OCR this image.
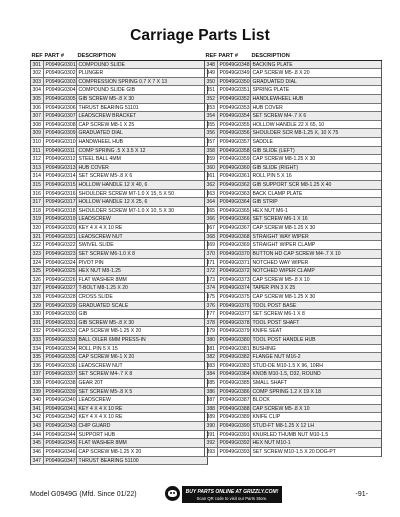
Carriage Parts List
REF PART #	DESCRIPTION
301 P0949G0301 COMPOUND SLIDE
302 P0949G0302 PLUNGER
303 P0949G0303 COMPRESSION SPRING 0.7 X 7 X 13
304 P0949G0304 COMPOUND SLIDE GIB
305 P0949G0305 GIB SCREW M5-.8 X 30
306 P0949G0306 THRUST BEARING 51101
307 P0949G0307 LEADSCREW BRACKET
308 P0949G0308 CAP SCREW M8-1 X 25
309 P0949G0309 GRADUATED DIAL
310 P0949G0310 HANDWHEEL HUB
311 P0949G0311 COMP SPRING .5 X 3.5 X 12
312 P0949G0312 STEEL BALL 4MM
313 P0949G0313 HUB COVER
314 P0949G0314 SET SCREW M5-.8 X 6
315 P0949G0315 HOLLOW HANDLE 12 X 40, 6
316 P0949G0316 SHOULDER SCREW M7-1.0 X 15, 5 X 50
317 P0949G0317 HOLLOW HANDLE 12 X 25, 6
318 P0949G0318 SHOULDER SCREW M7-1.0 X 10, 5 X 30
319 P0949G0319 LEADSCREW
320 P0949G0320 KEY 4 X 4 X 10 RE
321 P0949G0321 LEADSCREW NUT
322 P0949G0322 SWIVEL SLIDE
323 P0949G0323 SET SCREW M6-1.0 X 8
324 P0949G0324 PIVOT PIN
325 P0949G0325 HEX NUT M8-1.25
326 P0949G0326 FLAT WASHER 8MM
327 P0949G0327 T-BOLT M8-1.25 X 20
328 P0949G0328 CROSS SLIDE
329 P0949G0329 GRADUATED SCALE
330 P0949G0330 GIB
331 P0949G0331 GIB SCREW M5-.8 X 30
332 P0949G0332 CAP SCREW M8-1.25 X 20
333 P0949G0333 BALL OILER 6MM PRESS-IN
334 P0949G0334 ROLL PIN 5 X 15
335 P0949G0335 CAP SCREW M6-1 X 20
336 P0949G0336 LEADSCREW NUT
337 P0949G0337 SET SCREW M4-.7 X 8
338 P0949G0338 GEAR 20T
339 P0949G0339 SET SCREW M5-.8 X 5
340 P0949G0340 LEADSCREW
341 P0949G0341 KEY 4 X 4 X 10 RE
342 P0949G0342 KEY 4 X 4 X 10 RE
343 P0949G0343 CHIP GUARD
344 P0949G0344 SUPPORT HUB
345 P0949G0345 FLAT WASHER 8MM
346 P0949G0346 CAP SCREW M8-1.25 X 20
347 P0949G0347 THRUST BEARING 51100
REF PART #	DESCRIPTION
348 P0949G0348 BACKING PLATE
349 P0949G0349 CAP SCREW M5-.8 X 20
350 P0949G0350 GRADUATED DIAL
351 P0949G0351 SPRING PLATE
352 P0949G0352 HANDLEWHEEL HUB
353 P0949G0353 HUB COVER
354 P0949G0354 SET SCREW M4-.7 X 6
355 P0949G0355 HOLLOW HANDLE 22 X 65, 10
356 P0949G0356 SHOULDER SCR M8-1.25 X, 10 X 75
357 P0949G0357 SADDLE
358 P0949G0358 GIB SLIDE (LEFT)
359 P0949G0359 CAP SCREW M8-1.25 X 30
360 P0949G0360 GIB SLIDE (RIGHT)
361 P0949G0361 ROLL PIN 5 X 16
362 P0949G0362 GIB SUPPORT SCR M8-1.25 X 40
363 P0949G0363 BACK CLAMP PLATE
364 P0949G0364 GIB STRIP
365 P0949G0365 HEX NUT M6-1
366 P0949G0366 SET SCREW M6-1 X 16
367 P0949G0367 CAP SCREW M8-1.25 X 30
368 P0949G0368 STRAIGHT WAY WIPER
369 P0949G0369 STRAIGHT WIPER CLAMP
370 P0949G0370 BUTTON HD CAP SCREW M4-.7 X 10
371 P0949G0371 NOTCHED WAY WIPER
372 P0949G0372 NOTCHED WIPER CLAMP
373 P0949G0373 CAP SCREW M5-.8 X 10
374 P0949G0374 TAPER PIN 3 X 25
375 P0949G0375 CAP SCREW M8-1.25 X 30
376 P0949G0376 TOOL POST BASE
377 P0949G0377 SET SCREW M6-1 X 8
378 P0949G0378 TOOL POST SHAFT
379 P0949G0379 KNIFE SEAT
380 P0949G0380 TOOL POST HANDLE HUB
381 P0949G0381 BUSHING
382 P0949G0382 FLANGE NUT M16-2
383 P0949G0383 STUD-DE M10-1.5 X 96, 10RH
384 P0949G0384 KNOB M10-1.5, D32, ROUND
385 P0949G0385 SMALL SHAFT
386 P0949G0386 COMP SPRING 1.2 X 19 X 18
387 P0949G0387 BLOCK
388 P0949G0388 CAP SCREW M5-.8 X 10
389 P0949G0389 KNIFE CLIP
390 P0949G0390 STUD-FT M8-1.25 X 12 LH
391 P0949G0391 KNURLED THUMB NUT M10-1.5
392 P0949G0392 HEX NUT M10-1
393 P0949G0393 SET SCREW M10-1.5 X 20 DOG-PT
Model G0949G (Mfd. Since 01/22)	BUY PARTS ONLINE AT GRIZZLY.COM!
Scan QR code to visit our Parts Store.	-91-
